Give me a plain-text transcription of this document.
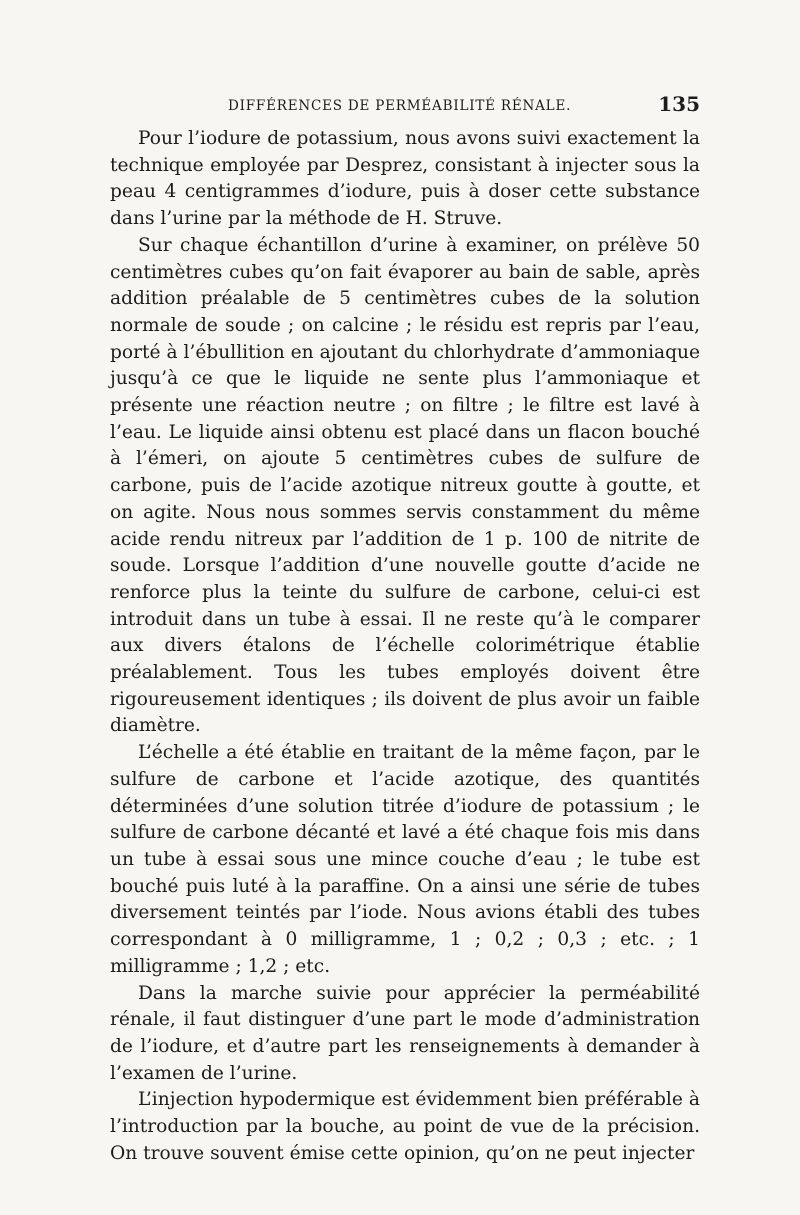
DIFFÉRENCES DE PERMÉABILITÉ RÉNALE.	135

Pour l’iodure de potassium, nous avons suivi exactement la technique employée par Desprez, consistant à injecter sous la peau 4 centigrammes d’iodure, puis à doser cette substance dans l’urine par la méthode de H. Struve.

Sur chaque échantillon d’urine à examiner, on prélève 50 centimètres cubes qu’on fait évaporer au bain de sable, après addition préalable de 5 centimètres cubes de la solution normale de soude ; on calcine ; le résidu est repris par l’eau, porté à l’ébullition en ajoutant du chlorhydrate d’ammoniaque jusqu’à ce que le liquide ne sente plus l’ammoniaque et présente une réaction neutre ; on filtre ; le filtre est lavé à l’eau. Le liquide ainsi obtenu est placé dans un flacon bouché à l’émeri, on ajoute 5 centimètres cubes de sulfure de carbone, puis de l’acide azotique nitreux goutte à goutte, et on agite. Nous nous sommes servis constamment du même acide rendu nitreux par l’addition de 1 p. 100 de nitrite de soude. Lorsque l’addition d’une nouvelle goutte d’acide ne renforce plus la teinte du sulfure de carbone, celui-ci est introduit dans un tube à essai. Il ne reste qu’à le comparer aux divers étalons de l’échelle colorimétrique établie préalablement. Tous les tubes employés doivent être rigoureusement identiques ; ils doivent de plus avoir un faible diamètre.

L’échelle a été établie en traitant de la même façon, par le sulfure de carbone et l’acide azotique, des quantités déterminées d’une solution titrée d’iodure de potassium ; le sulfure de carbone décanté et lavé a été chaque fois mis dans un tube à essai sous une mince couche d’eau ; le tube est bouché puis luté à la paraffine. On a ainsi une série de tubes diversement teintés par l’iode. Nous avions établi des tubes correspondant à 0 milligramme, 1 ; 0,2 ; 0,3 ; etc. ; 1 milligramme ; 1,2 ; etc.

Dans la marche suivie pour apprécier la perméabilité rénale, il faut distinguer d’une part le mode d’administration de l’iodure, et d’autre part les renseignements à demander à l’examen de l’urine.

L’injection hypodermique est évidemment bien préférable à l’introduction par la bouche, au point de vue de la précision. On trouve souvent émise cette opinion, qu’on ne peut injecter
